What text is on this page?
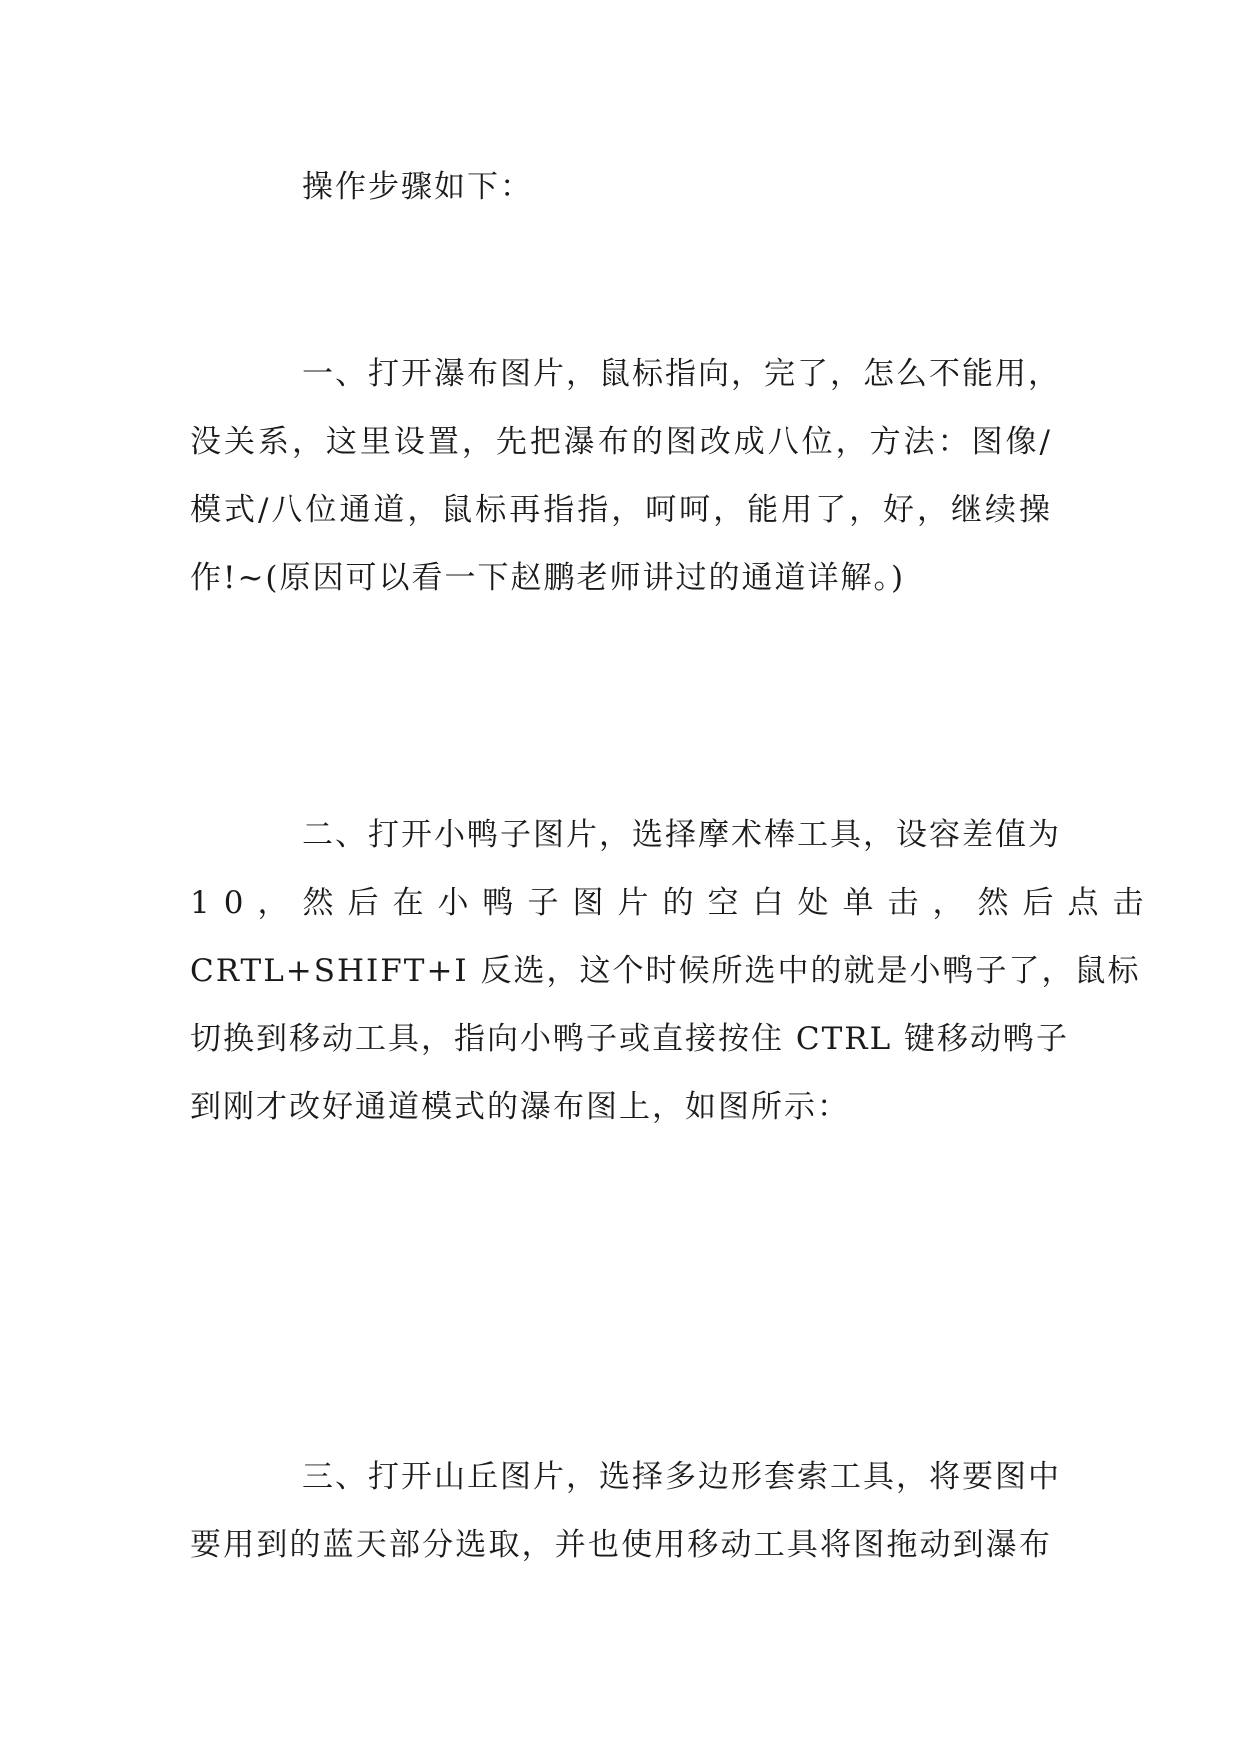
操作步骤如下：

一、打开瀑布图片，鼠标指向，完了，怎么不能用，
没关系，这里设置，先把瀑布的图改成八位，方法：图像/
模式/八位通道，鼠标再指指，呵呵，能用了，好，继续操
作!~(原因可以看一下赵鹏老师讲过的通道详解。)

二、打开小鸭子图片，选择摩术棒工具，设容差值为
10，然后在小鸭子图片的空白处单击，然后点击
CRTL+SHIFT+I 反选，这个时候所选中的就是小鸭子了，鼠标
切换到移动工具，指向小鸭子或直接按住 CTRL 键移动鸭子
到刚才改好通道模式的瀑布图上，如图所示：

三、打开山丘图片，选择多边形套索工具，将要图中
要用到的蓝天部分选取，并也使用移动工具将图拖动到瀑布
